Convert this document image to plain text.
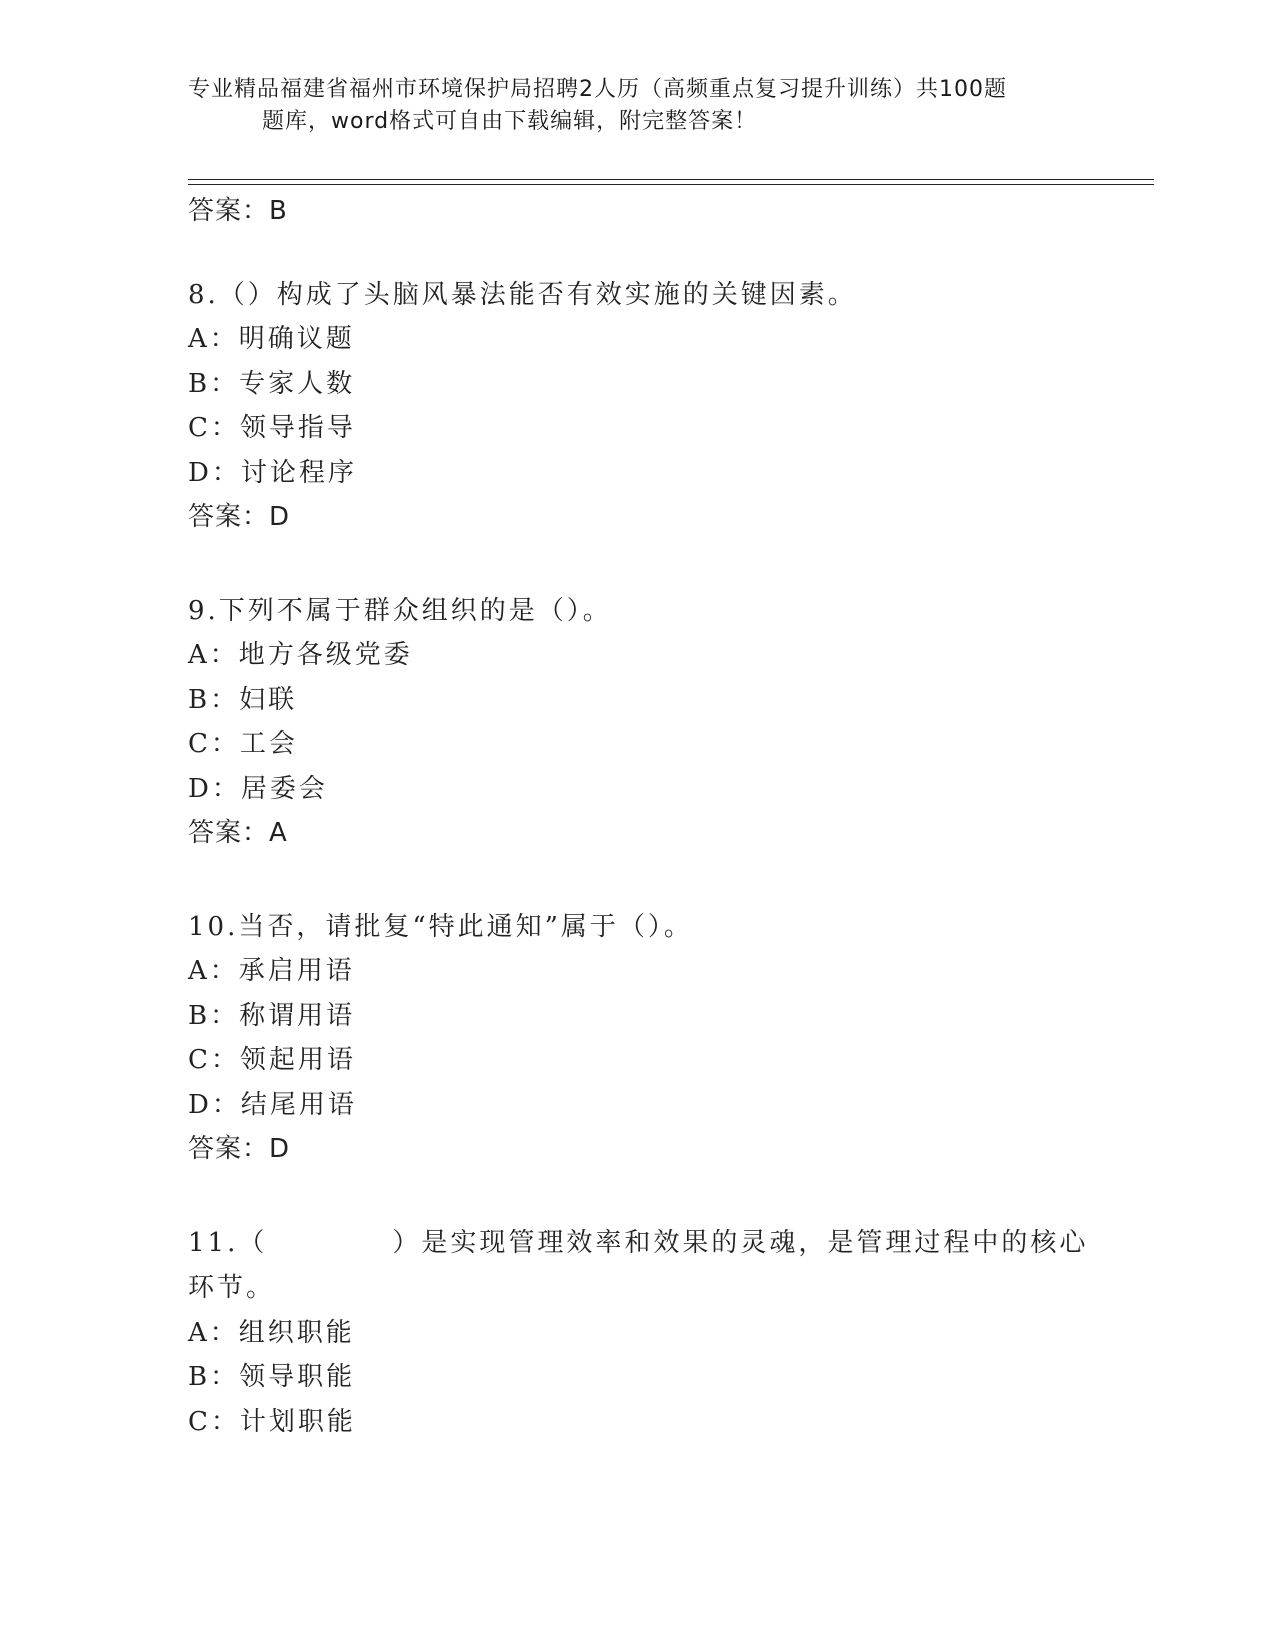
专业精品福建省福州市环境保护局招聘2人历（高频重点复习提升训练）共100题
题库，word格式可自由下载编辑，附完整答案！
答案：B
8.（）构成了头脑风暴法能否有效实施的关键因素。
A：明确议题
B：专家人数
C：领导指导
D：讨论程序
答案：D
9.下列不属于群众组织的是（）。
A：地方各级党委
B：妇联
C：工会
D：居委会
答案：A
10.当否，请批复“特此通知”属于（）。
A：承启用语
B：称谓用语
C：领起用语
D：结尾用语
答案：D
11.（	）是实现管理效率和效果的灵魂，是管理过程中的核心
环节。
A：组织职能
B：领导职能
C：计划职能
